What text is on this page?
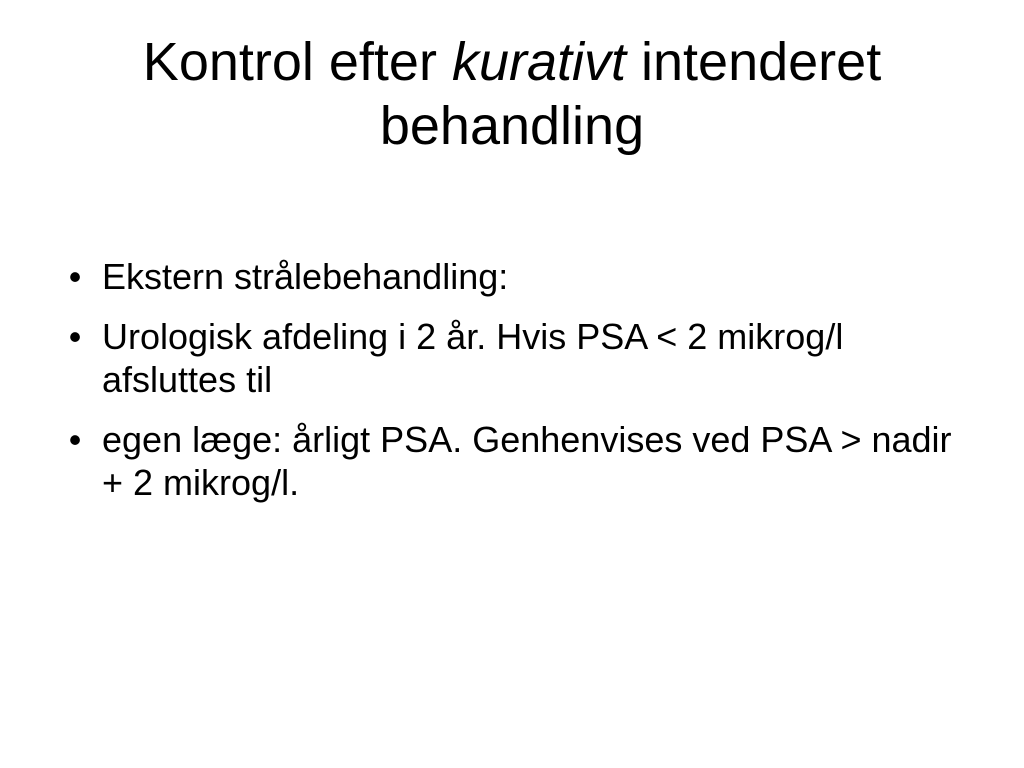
Kontrol efter kurativt intenderet behandling
• Ekstern strålebehandling:
• Urologisk afdeling i 2 år. Hvis PSA < 2 mikrog/l afsluttes til
• egen læge: årligt PSA. Genhenvises ved PSA > nadir + 2 mikrog/l.
